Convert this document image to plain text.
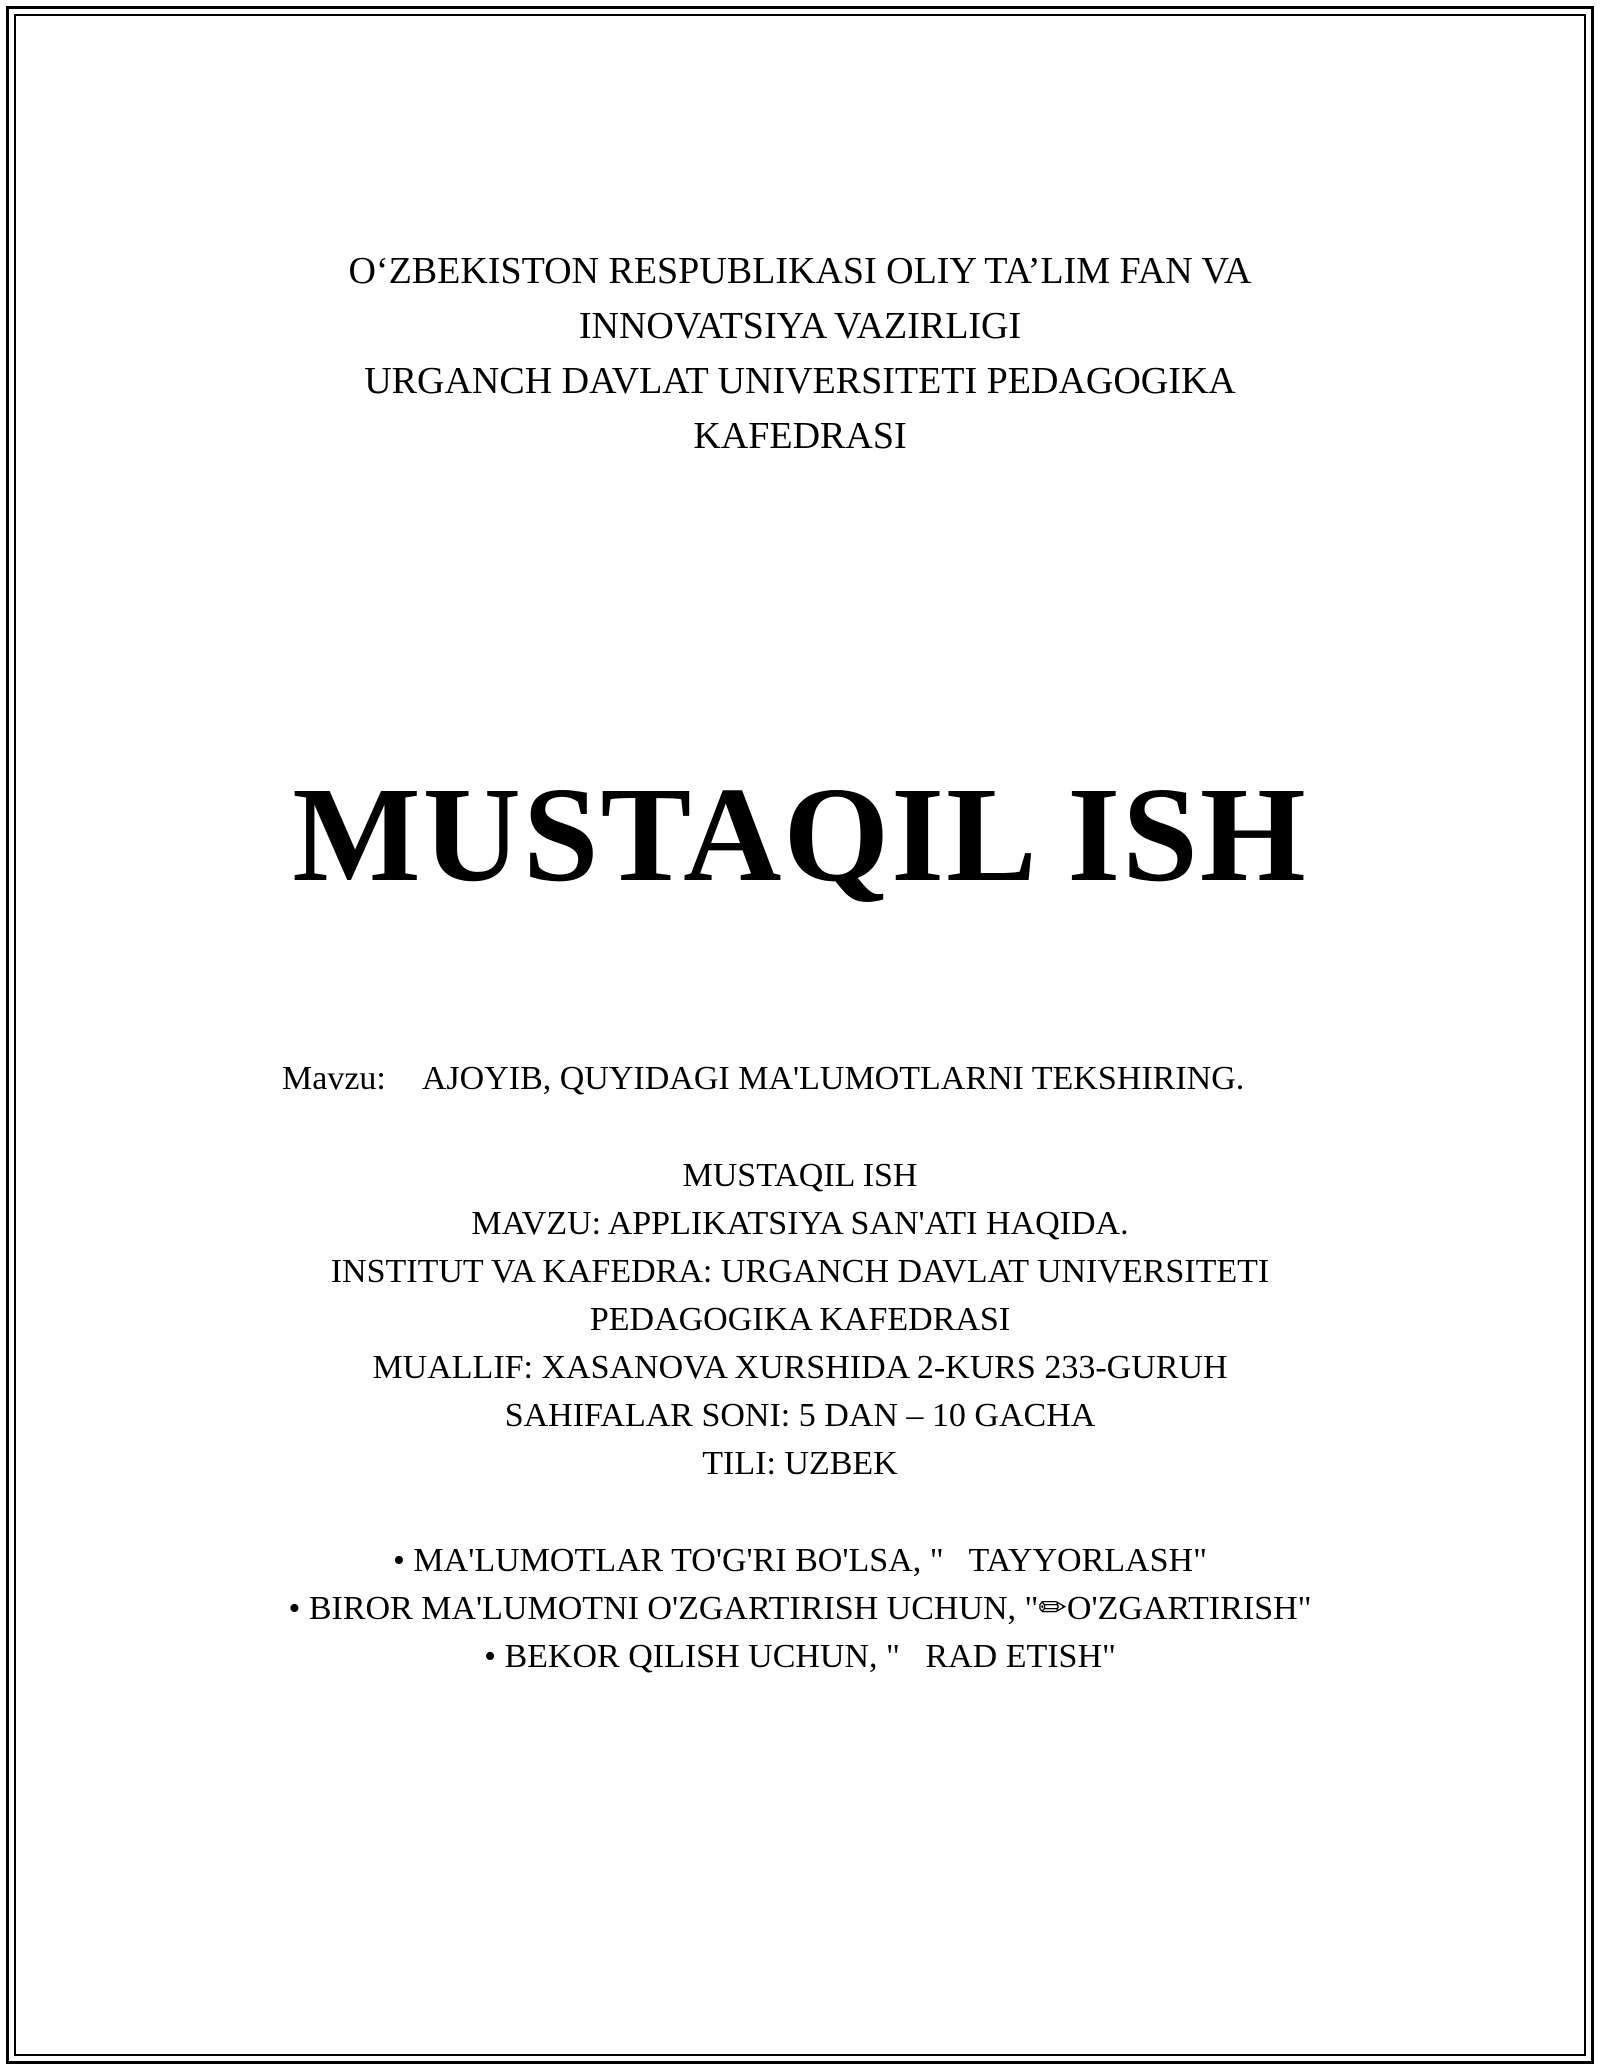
O‘ZBEKISTON RESPUBLIKASI OLIY TA’LIM FAN VA
INNOVATSIYA VAZIRLIGI
URGANCH DAVLAT UNIVERSITETI PEDAGOGIKA
KAFEDRASI
MUSTAQIL ISH
Mavzu: AJOYIB, QUYIDAGI MA'LUMOTLARNI TEKSHIRING.
MUSTAQIL ISH
MAVZU: APPLIKATSIYA SAN'ATI HAQIDA.
INSTITUT VA KAFEDRA: URGANCH DAVLAT UNIVERSITETI
PEDAGOGIKA KAFEDRASI
MUALLIF: XASANOVA XURSHIDA 2-KURS 233-GURUH
SAHIFALAR SONI: 5 DAN – 10 GACHA
TILI: UZBEK
• MA'LUMOTLAR TO'G'RI BO'LSA, "   TAYYORLASH"
• BIROR MA'LUMOTNI O'ZGARTIRISH UCHUN, "✏O'ZGARTIRISH"
• BEKOR QILISH UCHUN, "   RAD ETISH"
